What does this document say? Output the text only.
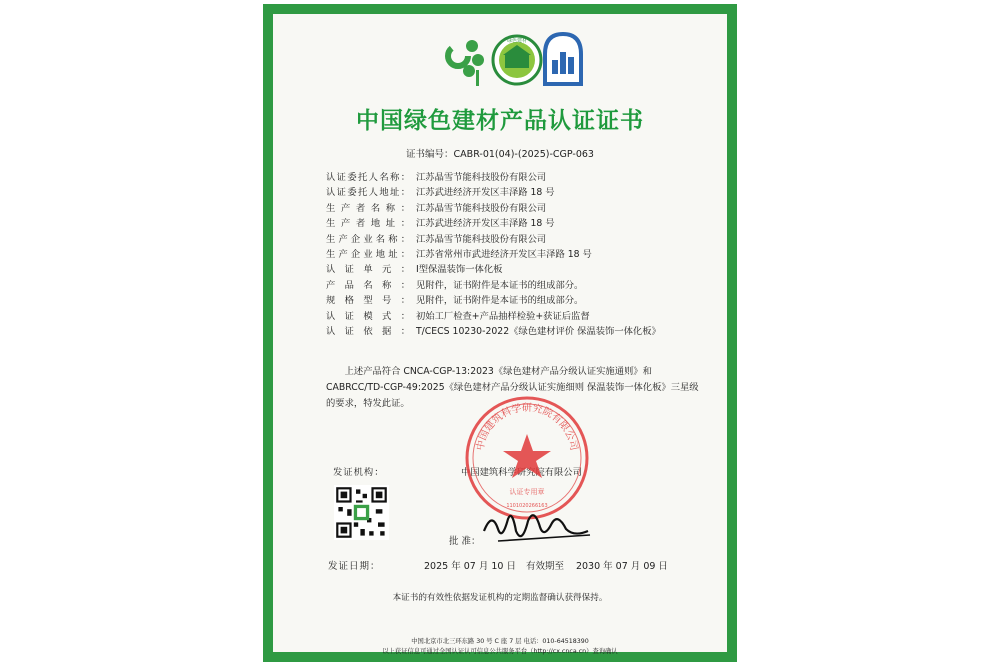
绿色建材
中国绿色建材产品认证证书
证书编号：CABR-01(04)-(2025)-CGP-063
认证委托人名称： 江苏晶雪节能科技股份有限公司
认证委托人地址： 江苏武进经济开发区丰泽路 18 号
生产者名称： 江苏晶雪节能科技股份有限公司
生产者地址： 江苏武进经济开发区丰泽路 18 号
生产企业名称： 江苏晶雪节能科技股份有限公司
生产企业地址： 江苏省常州市武进经济开发区丰泽路 18 号
认证单元： Ⅰ型保温装饰一体化板
产品名称： 见附件，证书附件是本证书的组成部分。
规格型号： 见附件，证书附件是本证书的组成部分。
认证模式： 初始工厂检查+产品抽样检验+获证后监督
认证依据： T/CECS 10230-2022《绿色建材评价 保温装饰一体化板》
上述产品符合 CNCA-CGP-13:2023《绿色建材产品分级认证实施通则》和 CABRCC/TD-CGP-49:2025《绿色建材产品分级认证实施细则 保温装饰一体化板》三星级的要求，特发此证。
发证机构：	中国建筑科学研究院有限公司
中国建筑科学研究院有限公司
认证专用章
1101020266163
批 准：
发证日期：	2025 年 07 月 10 日 有效期至 2030 年 07 月 09 日
本证书的有效性依据发证机构的定期监督确认获得保持。
中国北京市北三环东路 30 号 C 座 7 层 电话：010-64518390
以上获证信息可通过全国认证认可信息公共服务平台（http://cx.cnca.cn）查询确认
